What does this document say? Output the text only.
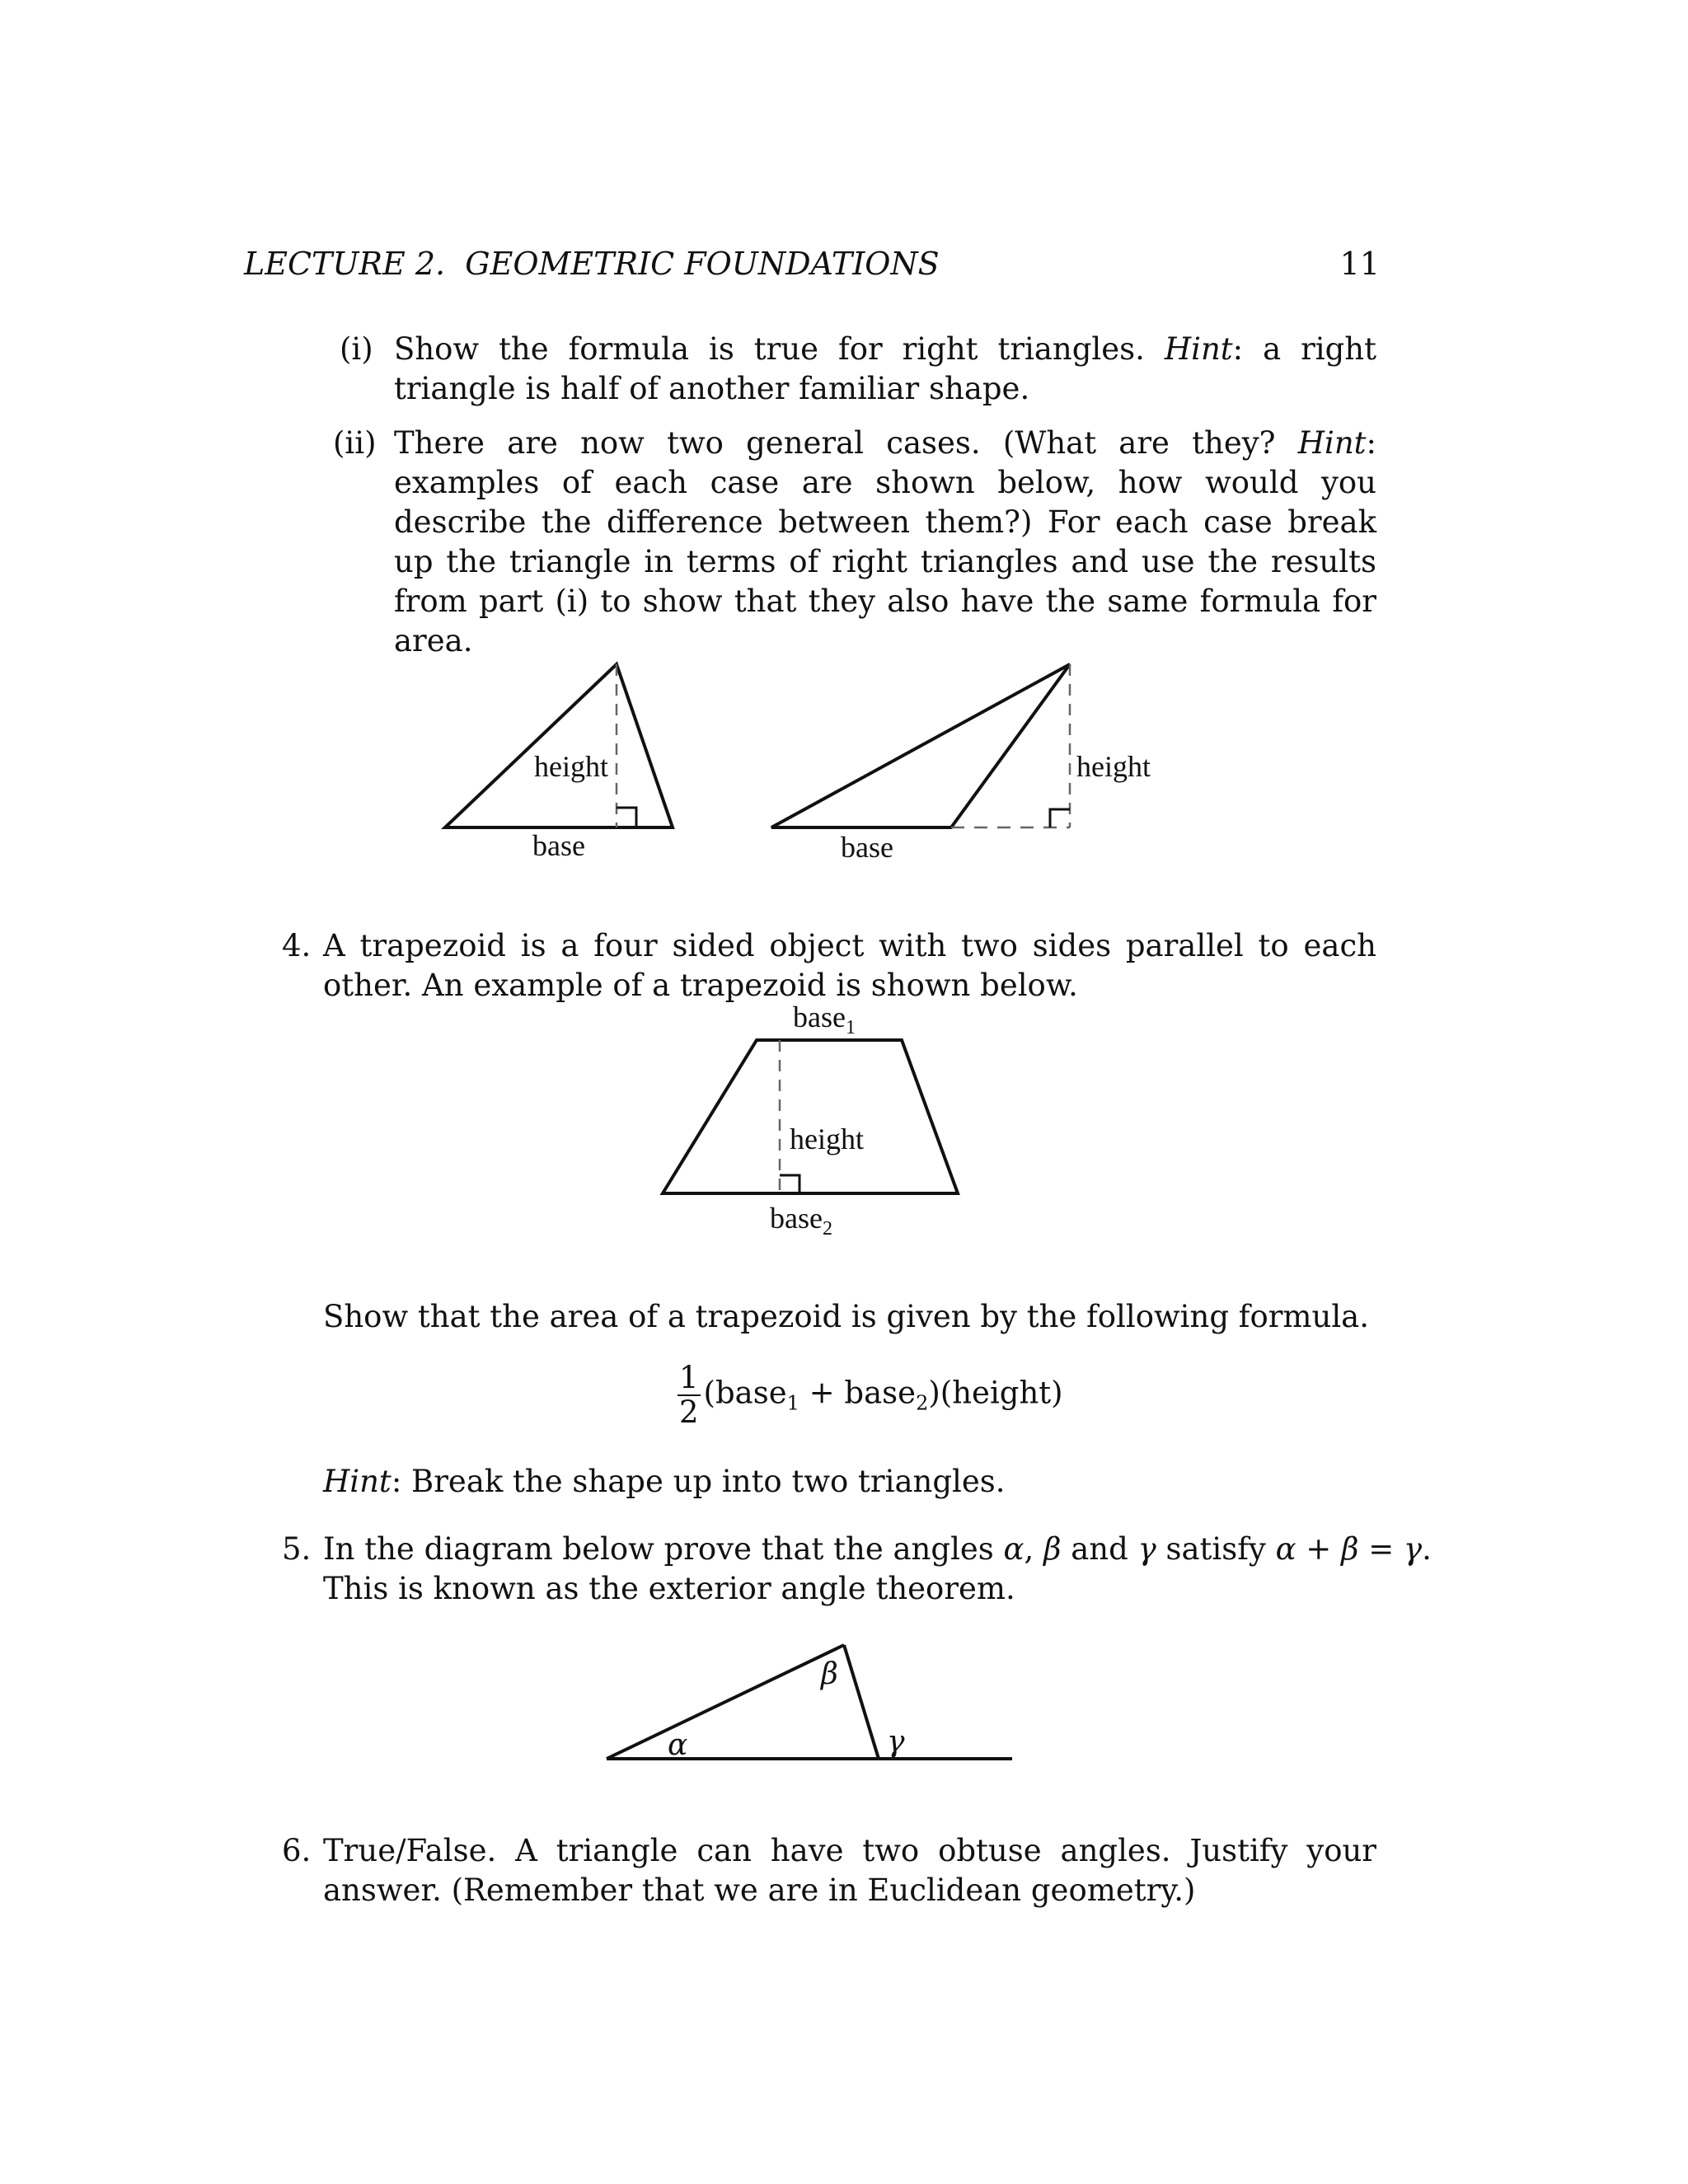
LECTURE 2.  GEOMETRIC FOUNDATIONS	11
(i) Show the formula is true for right triangles. Hint: a right triangle is half of another familiar shape.
(ii) There are now two general cases. (What are they? Hint: examples of each case are shown below, how would you describe the difference between them?) For each case break up the triangle in terms of right triangles and use the results from part (i) to show that they also have the same formula for area.
height
base
height
base
4. A trapezoid is a four sided object with two sides parallel to each other. An example of a trapezoid is shown below.
base$_1$
height
base$_2$
Show that the area of a trapezoid is given by the following formula.
$\frac{1}{2}$ (base$_1$ + base$_2$)(height)
Hint: Break the shape up into two triangles.
5. In the diagram below prove that the angles α, β and γ satisfy α + β = γ.
This is known as the exterior angle theorem.
α
β
γ
6. True/False. A triangle can have two obtuse angles. Justify your answer. (Remember that we are in Euclidean geometry.)
